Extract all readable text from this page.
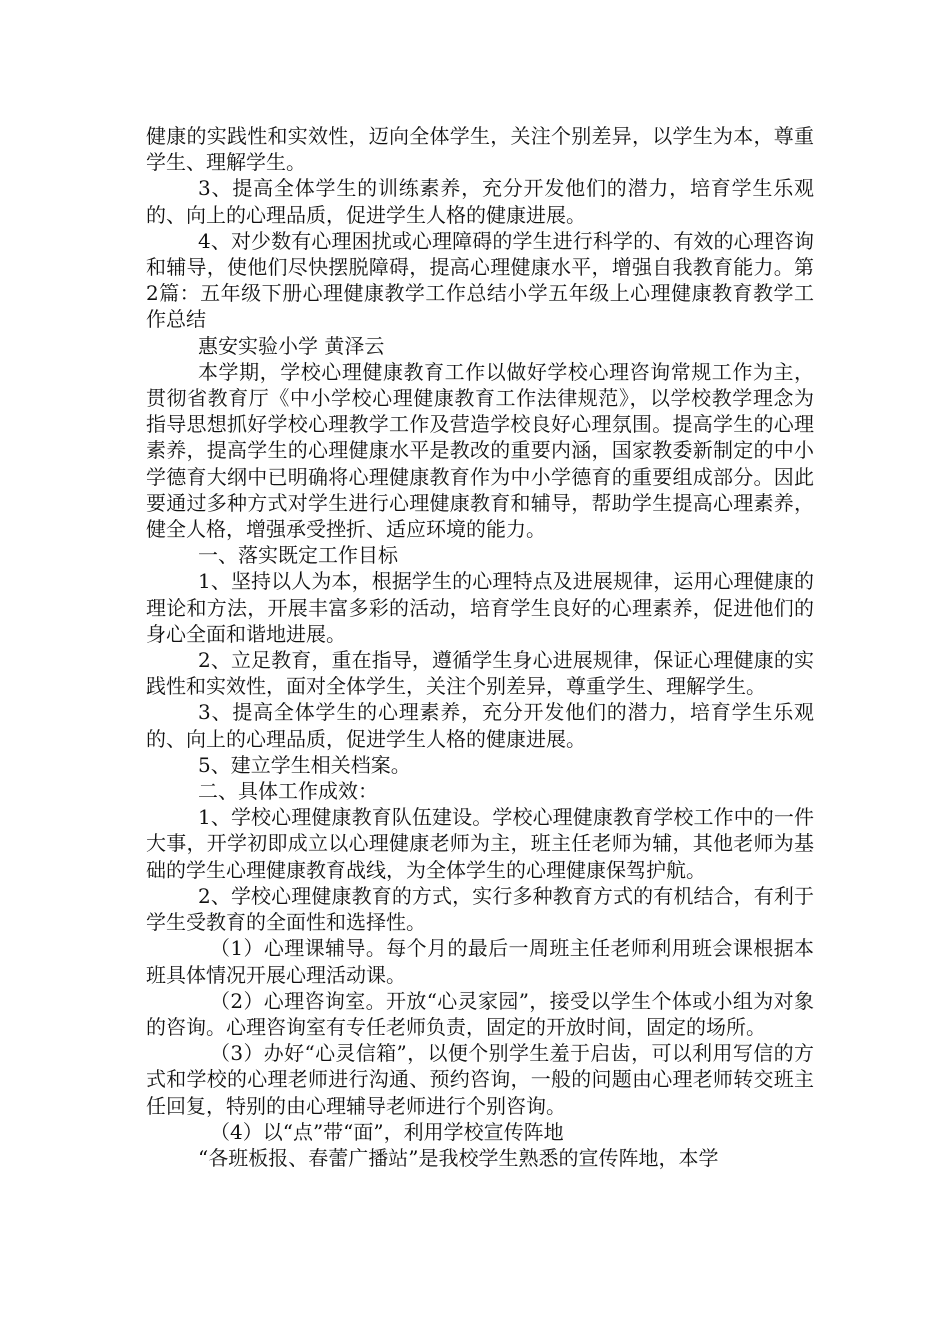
健康的实践性和实效性，迈向全体学生，关注个别差异，以学生为本，尊重学生、理解学生。

3、提高全体学生的训练素养，充分开发他们的潜力，培育学生乐观的、向上的心理品质，促进学生人格的健康进展。

4、对少数有心理困扰或心理障碍的学生进行科学的、有效的心理咨询和辅导，使他们尽快摆脱障碍，提高心理健康水平，增强自我教育能力。第2篇：五年级下册心理健康教学工作总结小学五年级上心理健康教育教学工作总结

惠安实验小学 黄泽云

本学期，学校心理健康教育工作以做好学校心理咨询常规工作为主，贯彻省教育厅《中小学校心理健康教育工作法律规范》，以学校教学理念为指导思想抓好学校心理教学工作及营造学校良好心理氛围。提高学生的心理素养，提高学生的心理健康水平是教改的重要内涵，国家教委新制定的中小学德育大纲中已明确将心理健康教育作为中小学德育的重要组成部分。因此要通过多种方式对学生进行心理健康教育和辅导，帮助学生提高心理素养，健全人格，增强承受挫折、适应环境的能力。

一、落实既定工作目标

1、坚持以人为本，根据学生的心理特点及进展规律，运用心理健康的理论和方法，开展丰富多彩的活动，培育学生良好的心理素养，促进他们的身心全面和谐地进展。

2、立足教育，重在指导，遵循学生身心进展规律，保证心理健康的实践性和实效性，面对全体学生，关注个别差异，尊重学生、理解学生。

3、提高全体学生的心理素养，充分开发他们的潜力，培育学生乐观的、向上的心理品质，促进学生人格的健康进展。

5、建立学生相关档案。

二、具体工作成效：

1、学校心理健康教育队伍建设。学校心理健康教育学校工作中的一件大事，开学初即成立以心理健康老师为主，班主任老师为辅，其他老师为基础的学生心理健康教育战线，为全体学生的心理健康保驾护航。

2、学校心理健康教育的方式，实行多种教育方式的有机结合，有利于学生受教育的全面性和选择性。

（1）心理课辅导。每个月的最后一周班主任老师利用班会课根据本班具体情况开展心理活动课。

（2）心理咨询室。开放“心灵家园”，接受以学生个体或小组为对象的咨询。心理咨询室有专任老师负责，固定的开放时间，固定的场所。

（3）办好“心灵信箱”，以便个别学生羞于启齿，可以利用写信的方式和学校的心理老师进行沟通、预约咨询，一般的问题由心理老师转交班主任回复，特别的由心理辅导老师进行个别咨询。

（4）以“点”带“面”，利用学校宣传阵地

“各班板报、春蕾广播站”是我校学生熟悉的宣传阵地，本学
